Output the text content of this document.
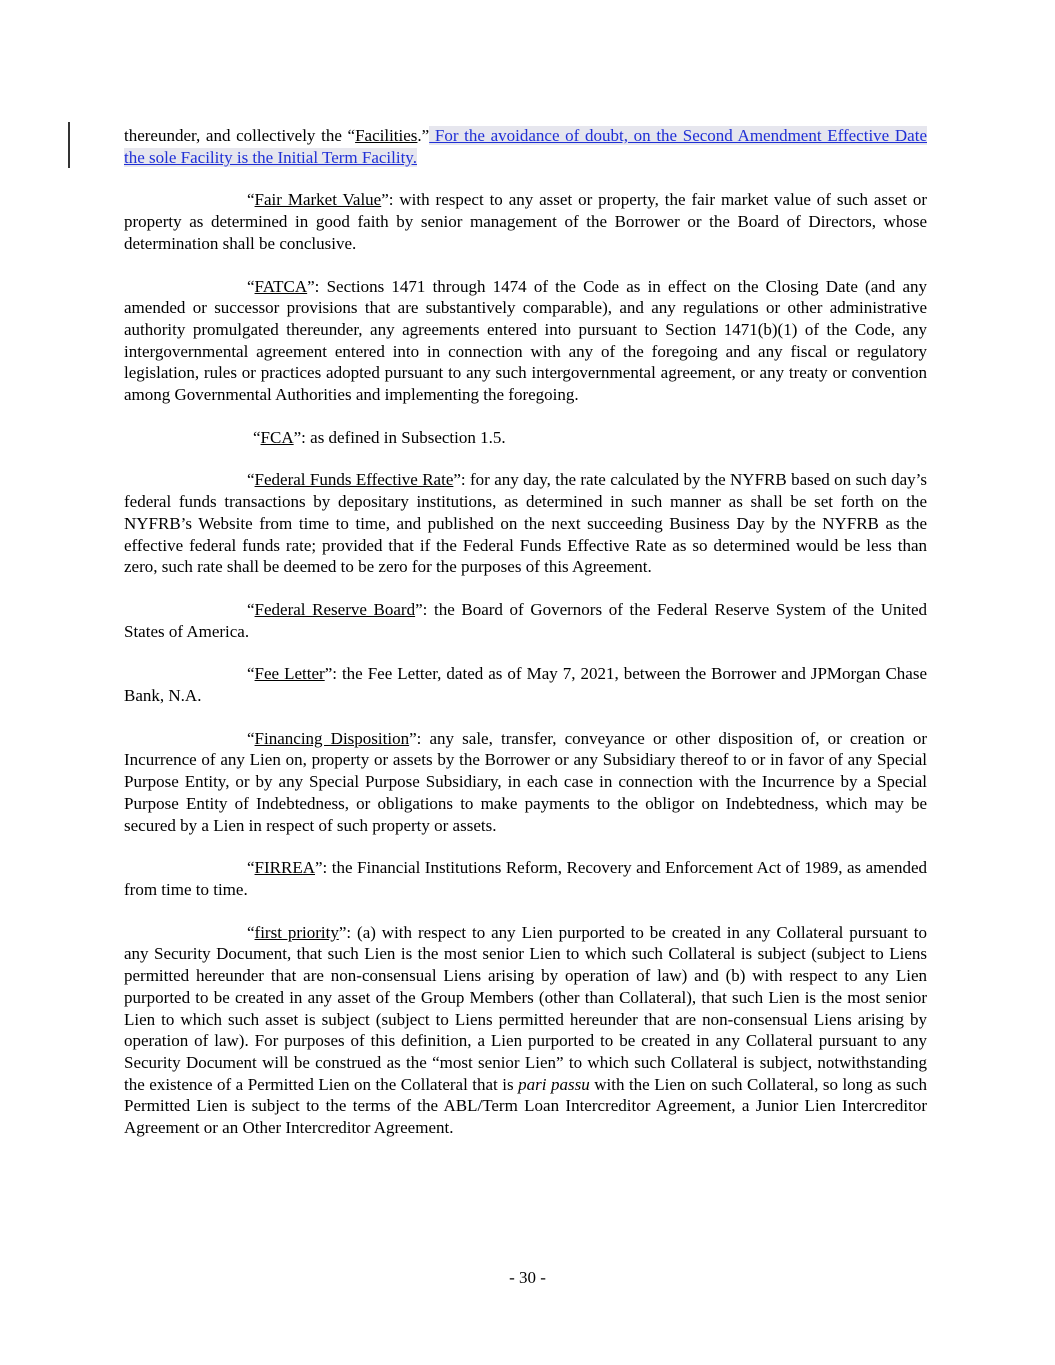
thereunder, and collectively the “Facilities.” For the avoidance of doubt, on the Second Amendment Effective Date the sole Facility is the Initial Term Facility.

“Fair Market Value”: with respect to any asset or property, the fair market value of such asset or property as determined in good faith by senior management of the Borrower or the Board of Directors, whose determination shall be conclusive.

“FATCA”: Sections 1471 through 1474 of the Code as in effect on the Closing Date (and any amended or successor provisions that are substantively comparable), and any regulations or other administrative authority promulgated thereunder, any agreements entered into pursuant to Section 1471(b)(1) of the Code, any intergovernmental agreement entered into in connection with any of the foregoing and any fiscal or regulatory legislation, rules or practices adopted pursuant to any such intergovernmental agreement, or any treaty or convention among Governmental Authorities and implementing the foregoing.

“FCA”: as defined in Subsection 1.5.

“Federal Funds Effective Rate”: for any day, the rate calculated by the NYFRB based on such day’s federal funds transactions by depositary institutions, as determined in such manner as shall be set forth on the NYFRB’s Website from time to time, and published on the next succeeding Business Day by the NYFRB as the effective federal funds rate; provided that if the Federal Funds Effective Rate as so determined would be less than zero, such rate shall be deemed to be zero for the purposes of this Agreement.

“Federal Reserve Board”: the Board of Governors of the Federal Reserve System of the United States of America.

“Fee Letter”: the Fee Letter, dated as of May 7, 2021, between the Borrower and JPMorgan Chase Bank, N.A.

“Financing Disposition”: any sale, transfer, conveyance or other disposition of, or creation or Incurrence of any Lien on, property or assets by the Borrower or any Subsidiary thereof to or in favor of any Special Purpose Entity, or by any Special Purpose Subsidiary, in each case in connection with the Incurrence by a Special Purpose Entity of Indebtedness, or obligations to make payments to the obligor on Indebtedness, which may be secured by a Lien in respect of such property or assets.

“FIRREA”: the Financial Institutions Reform, Recovery and Enforcement Act of 1989, as amended from time to time.

“first priority”: (a) with respect to any Lien purported to be created in any Collateral pursuant to any Security Document, that such Lien is the most senior Lien to which such Collateral is subject (subject to Liens permitted hereunder that are non-consensual Liens arising by operation of law) and (b) with respect to any Lien purported to be created in any asset of the Group Members (other than Collateral), that such Lien is the most senior Lien to which such asset is subject (subject to Liens permitted hereunder that are non-consensual Liens arising by operation of law). For purposes of this definition, a Lien purported to be created in any Collateral pursuant to any Security Document will be construed as the “most senior Lien” to which such Collateral is subject, notwithstanding the existence of a Permitted Lien on the Collateral that is pari passu with the Lien on such Collateral, so long as such Permitted Lien is subject to the terms of the ABL/Term Loan Intercreditor Agreement, a Junior Lien Intercreditor Agreement or an Other Intercreditor Agreement.

- 30 -
